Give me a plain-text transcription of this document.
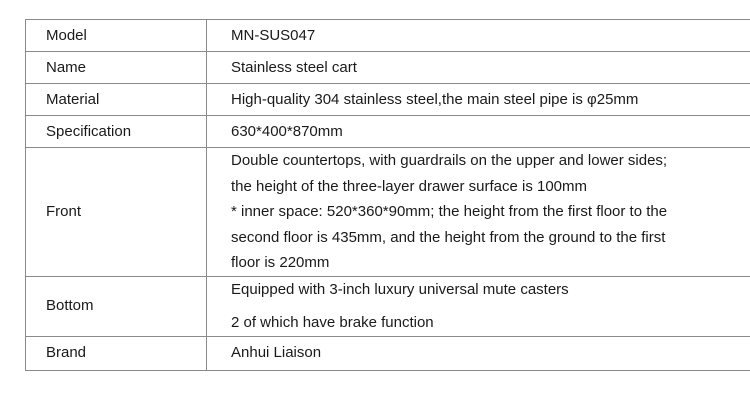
Model	MN-SUS047
Name	Stainless steel cart
Material	High-quality 304 stainless steel,the main steel pipe is φ25mm
Specification	630*400*870mm
Front	Double countertops, with guardrails on the upper and lower sides;
the height of the three-layer drawer surface is 100mm
* inner space: 520*360*90mm; the height from the first floor to the
second floor is 435mm, and the height from the ground to the first
floor is 220mm

Bottom	Equipped with 3-inch luxury universal mute casters
2 of which have brake function

Brand	Anhui Liaison
